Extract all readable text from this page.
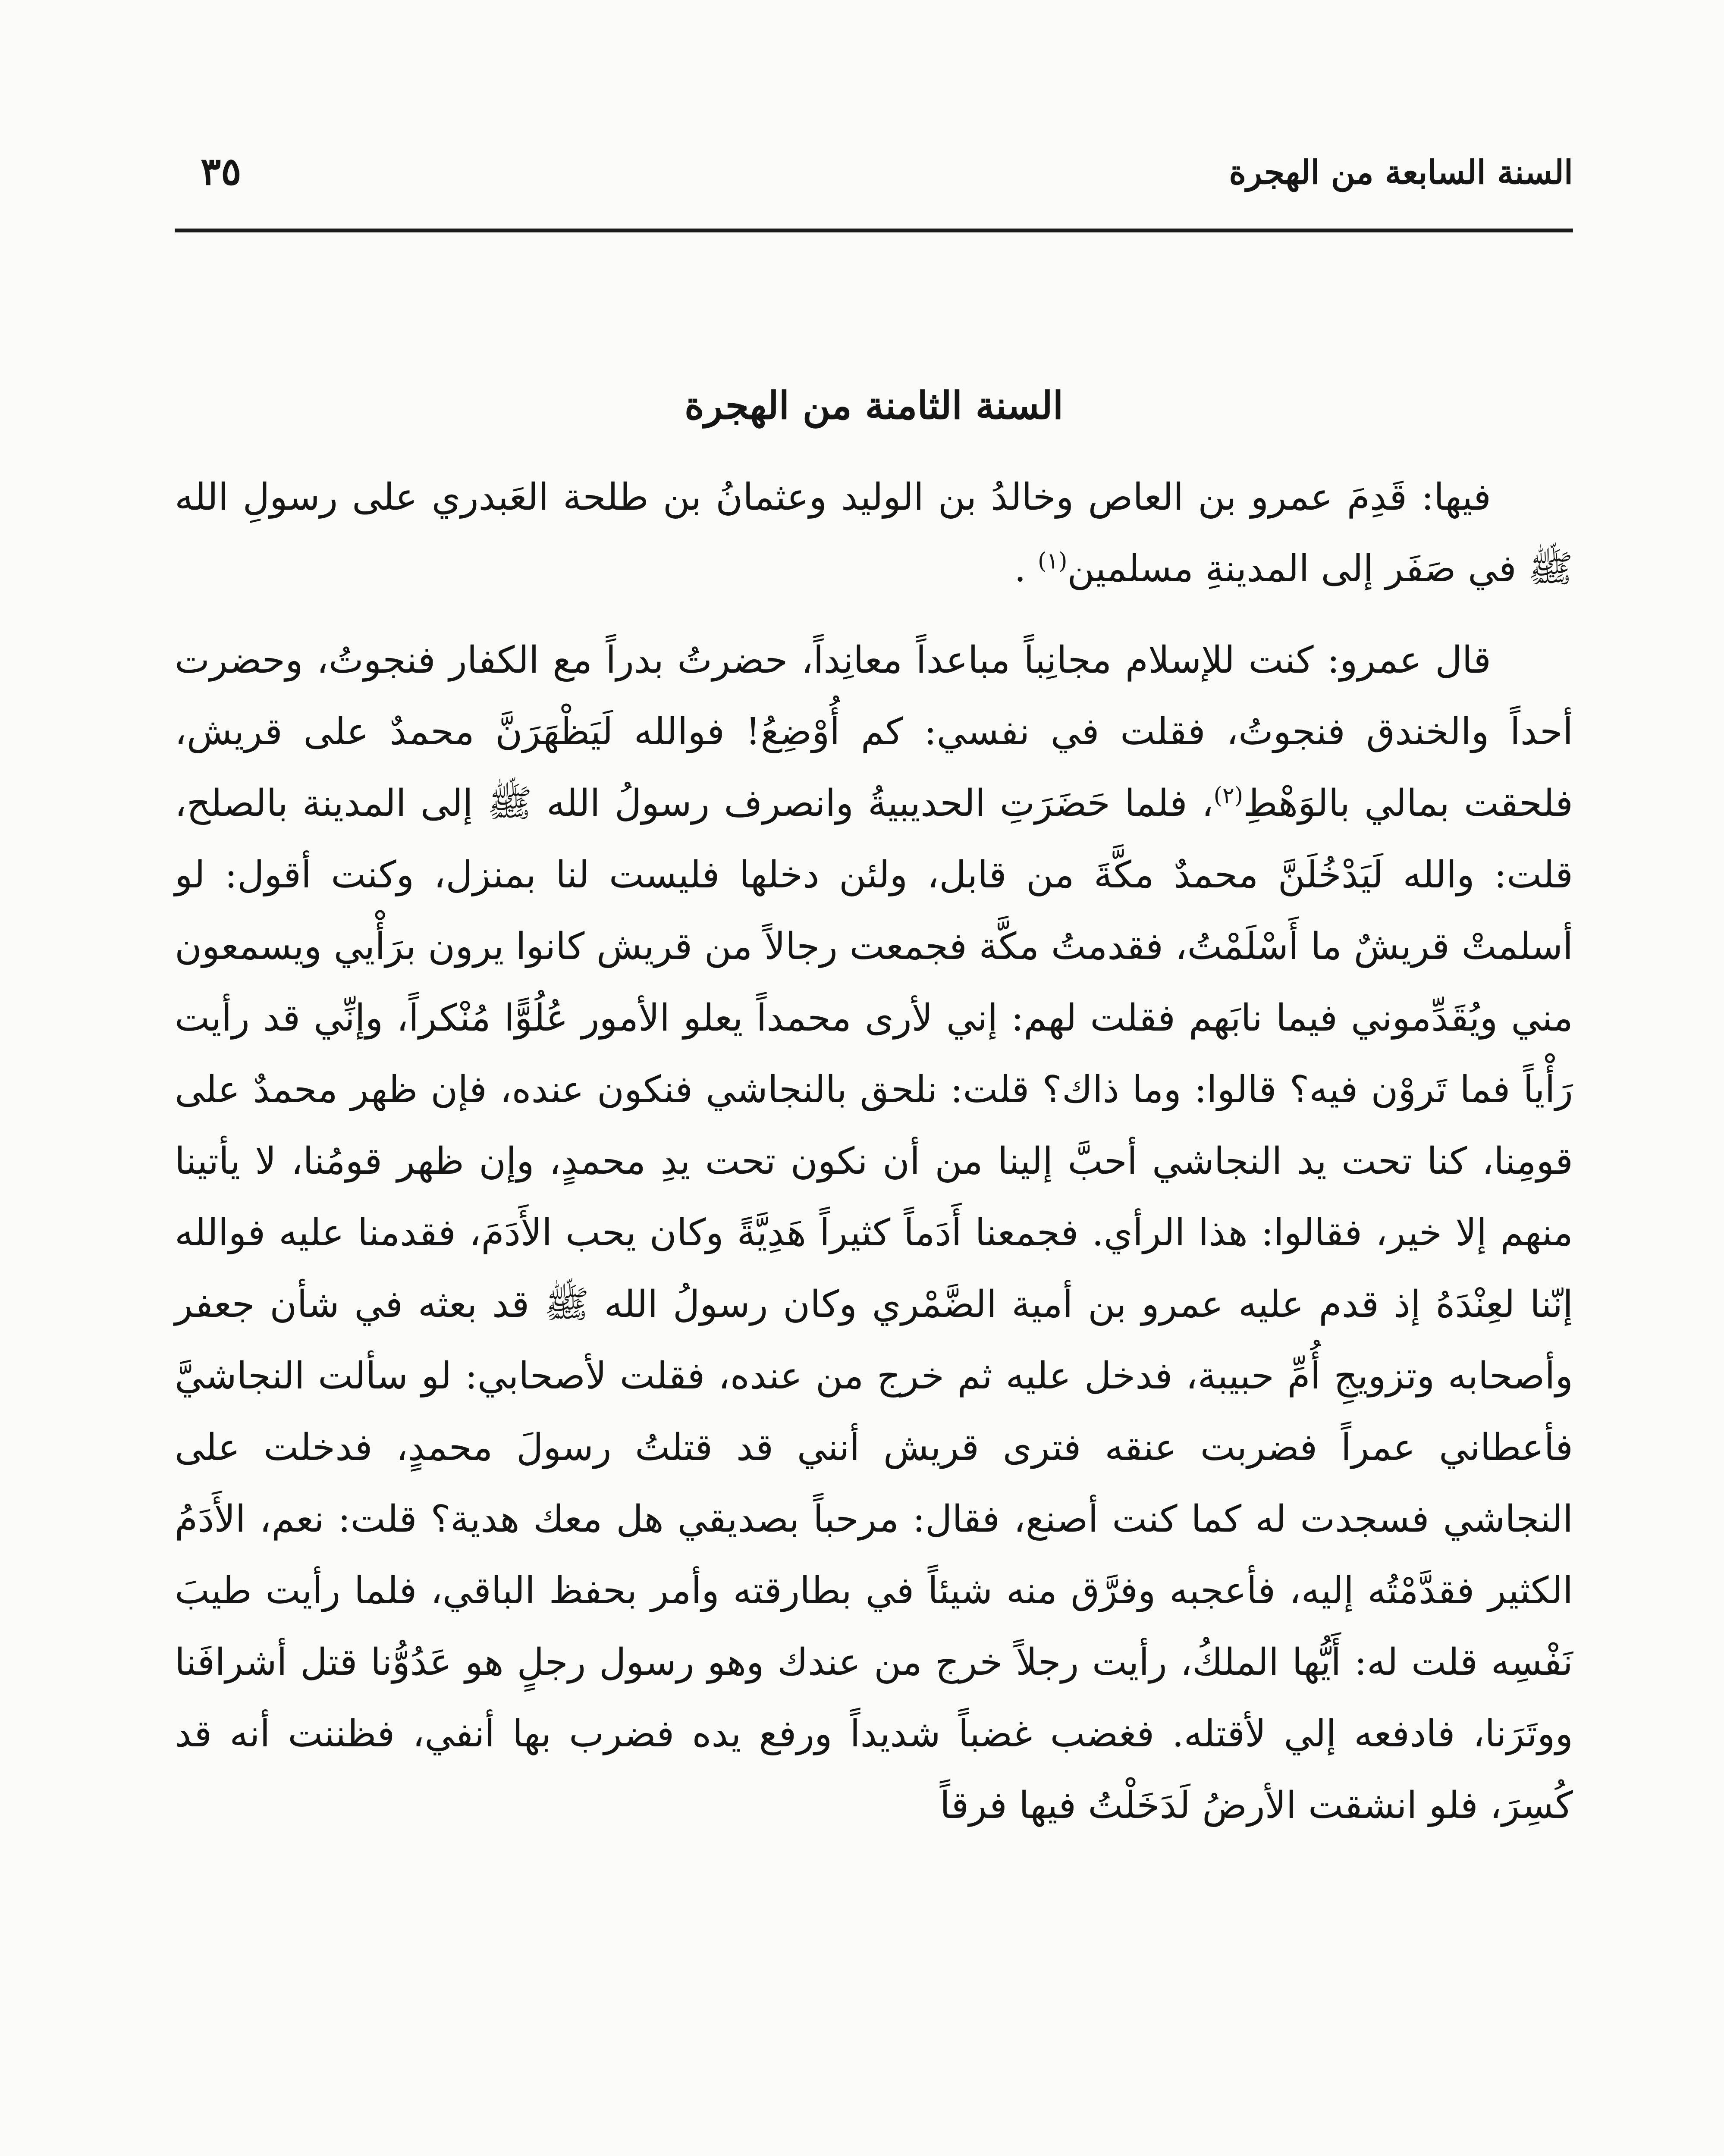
السنة السابعة من الهجرة
٣٥
السنة الثامنة من الهجرة

فيها: قَدِمَ عمرو بن العاص وخالدُ بن الوليد وعثمانُ بن طلحة العَبدري على رسولِ الله ﷺ في صَفَر إلى المدينةِ مسلمين$^{(١)}$ .

قال عمرو: كنت للإسلام مجانِباً مباعداً معانِداً، حضرتُ بدراً مع الكفار فنجوتُ، وحضرت أحداً والخندق فنجوتُ، فقلت في نفسي: كم أُوْضِعُ! فوالله لَيَظْهَرَنَّ محمدٌ على قريش، فلحقت بمالي بالوَهْطِ$^{(٢)}$، فلما حَضَرَتِ الحديبيةُ وانصرف رسولُ الله ﷺ إلى المدينة بالصلح، قلت: والله لَيَدْخُلَنَّ محمدٌ مكَّةَ من قابل، ولئن دخلها فليست لنا بمنزل، وكنت أقول: لو أسلمتْ قريشٌ ما أَسْلَمْتُ، فقدمتُ مكَّة فجمعت رجالاً من قريش كانوا يرون برَأْيي ويسمعون مني ويُقَدِّموني فيما نابَهم فقلت لهم: إني لأرى محمداً يعلو الأمور عُلُوًّا مُنْكراً، وإنِّي قد رأيت رَأْياً فما تَروْن فيه؟ قالوا: وما ذاك؟ قلت: نلحق بالنجاشي فنكون عنده، فإن ظهر محمدٌ على قومِنا، كنا تحت يد النجاشي أحبَّ إلينا من أن نكون تحت يدِ محمدٍ، وإن ظهر قومُنا، لا يأتينا منهم إلا خير، فقالوا: هذا الرأي. فجمعنا أَدَماً كثيراً هَدِيَّةً وكان يحب الأَدَمَ، فقدمنا عليه فوالله إنّنا لعِنْدَهُ إذ قدم عليه عمرو بن أمية الضَّمْري وكان رسولُ الله ﷺ قد بعثه في شأن جعفر وأصحابه وتزويجِ أُمِّ حبيبة، فدخل عليه ثم خرج من عنده، فقلت لأصحابي: لو سألت النجاشيَّ فأعطاني عمراً فضربت عنقه فترى قريش أنني قد قتلتُ رسولَ محمدٍ، فدخلت على النجاشي فسجدت له كما كنت أصنع، فقال: مرحباً بصديقي هل معك هدية؟ قلت: نعم، الأَدَمُ الكثير فقدَّمْتُه إليه، فأعجبه وفرَّق منه شيئاً في بطارقته وأمر بحفظ الباقي، فلما رأيت طيبَ نَفْسِه قلت له: أَيُّها الملكُ، رأيت رجلاً خرج من عندك وهو رسول رجلٍ هو عَدُوُّنا قتل أشرافَنا ووتَرَنا، فادفعه إلي لأقتله. فغضب غضباً شديداً ورفع يده فضرب بها أنفي، فظننت أنه قد كُسِرَ، فلو انشقت الأرضُ لَدَخَلْتُ فيها فرقاً
